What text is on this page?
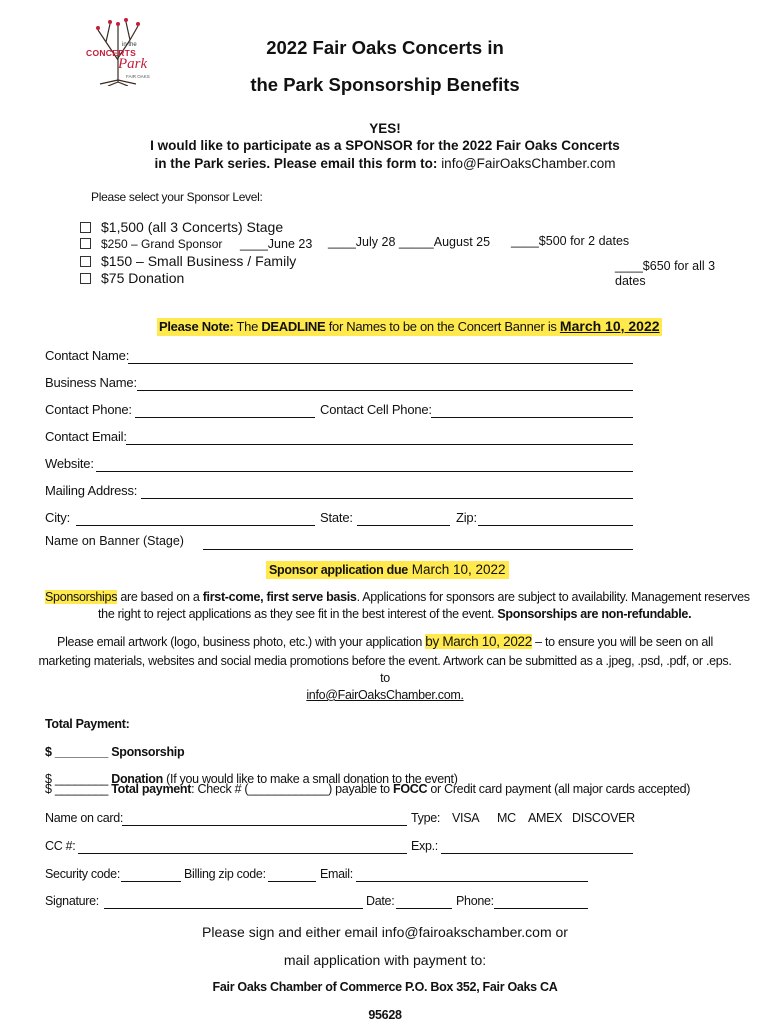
CONCERTS
in the
Park
FAIR OAKS
2022 Fair Oaks Concerts in
the Park Sponsorship Benefits
YES!
I would like to participate as a SPONSOR for the 2022 Fair Oaks Concerts
in the Park series. Please email this form to: info@FairOaksChamber.com
Please select your Sponsor Level:
$1,500 (all 3 Concerts) Stage
$250 – Grand Sponsor ____June 23 ____July 28 _____August 25 ____$500 for 2 dates
$150 – Small Business / Family	____$650 for all 3
$75 Donation	dates
Please Note: The DEADLINE for Names to be on the Concert Banner is March 10, 2022
Contact Name:
Business Name:
Contact Phone:	Contact Cell Phone:
Contact Email:
Website:
Mailing Address:
City:	State:	Zip:
Name on Banner (Stage)
Sponsor application due March 10, 2022
Sponsorships are based on a first-come, first serve basis. Applications for sponsors are subject to availability. Management reserves
the right to reject applications as they see fit in the best interest of the event. Sponsorships are non-refundable.
Please email artwork (logo, business photo, etc.) with your application by March 10, 2022 – to ensure you will be seen on all
marketing materials, websites and social media promotions before the event. Artwork can be submitted as a .jpeg, .psd, .pdf, or .eps.
to
info@FairOaksChamber.com.
Total Payment:
$ ________ Sponsorship
$ ________ Donation (If you would like to make a small donation to the event)
$ ________ Total payment: Check # (____________) payable to FOCC or Credit card payment (all major cards accepted)
Name on card:	Type: VISA MC AMEX DISCOVER
CC #:	Exp.:
Security code:	Billing zip code:	Email:
Signature:	Date:	Phone:
Please sign and either email info@fairoakschamber.com or
mail application with payment to:
Fair Oaks Chamber of Commerce P.O. Box 352, Fair Oaks CA
95628
